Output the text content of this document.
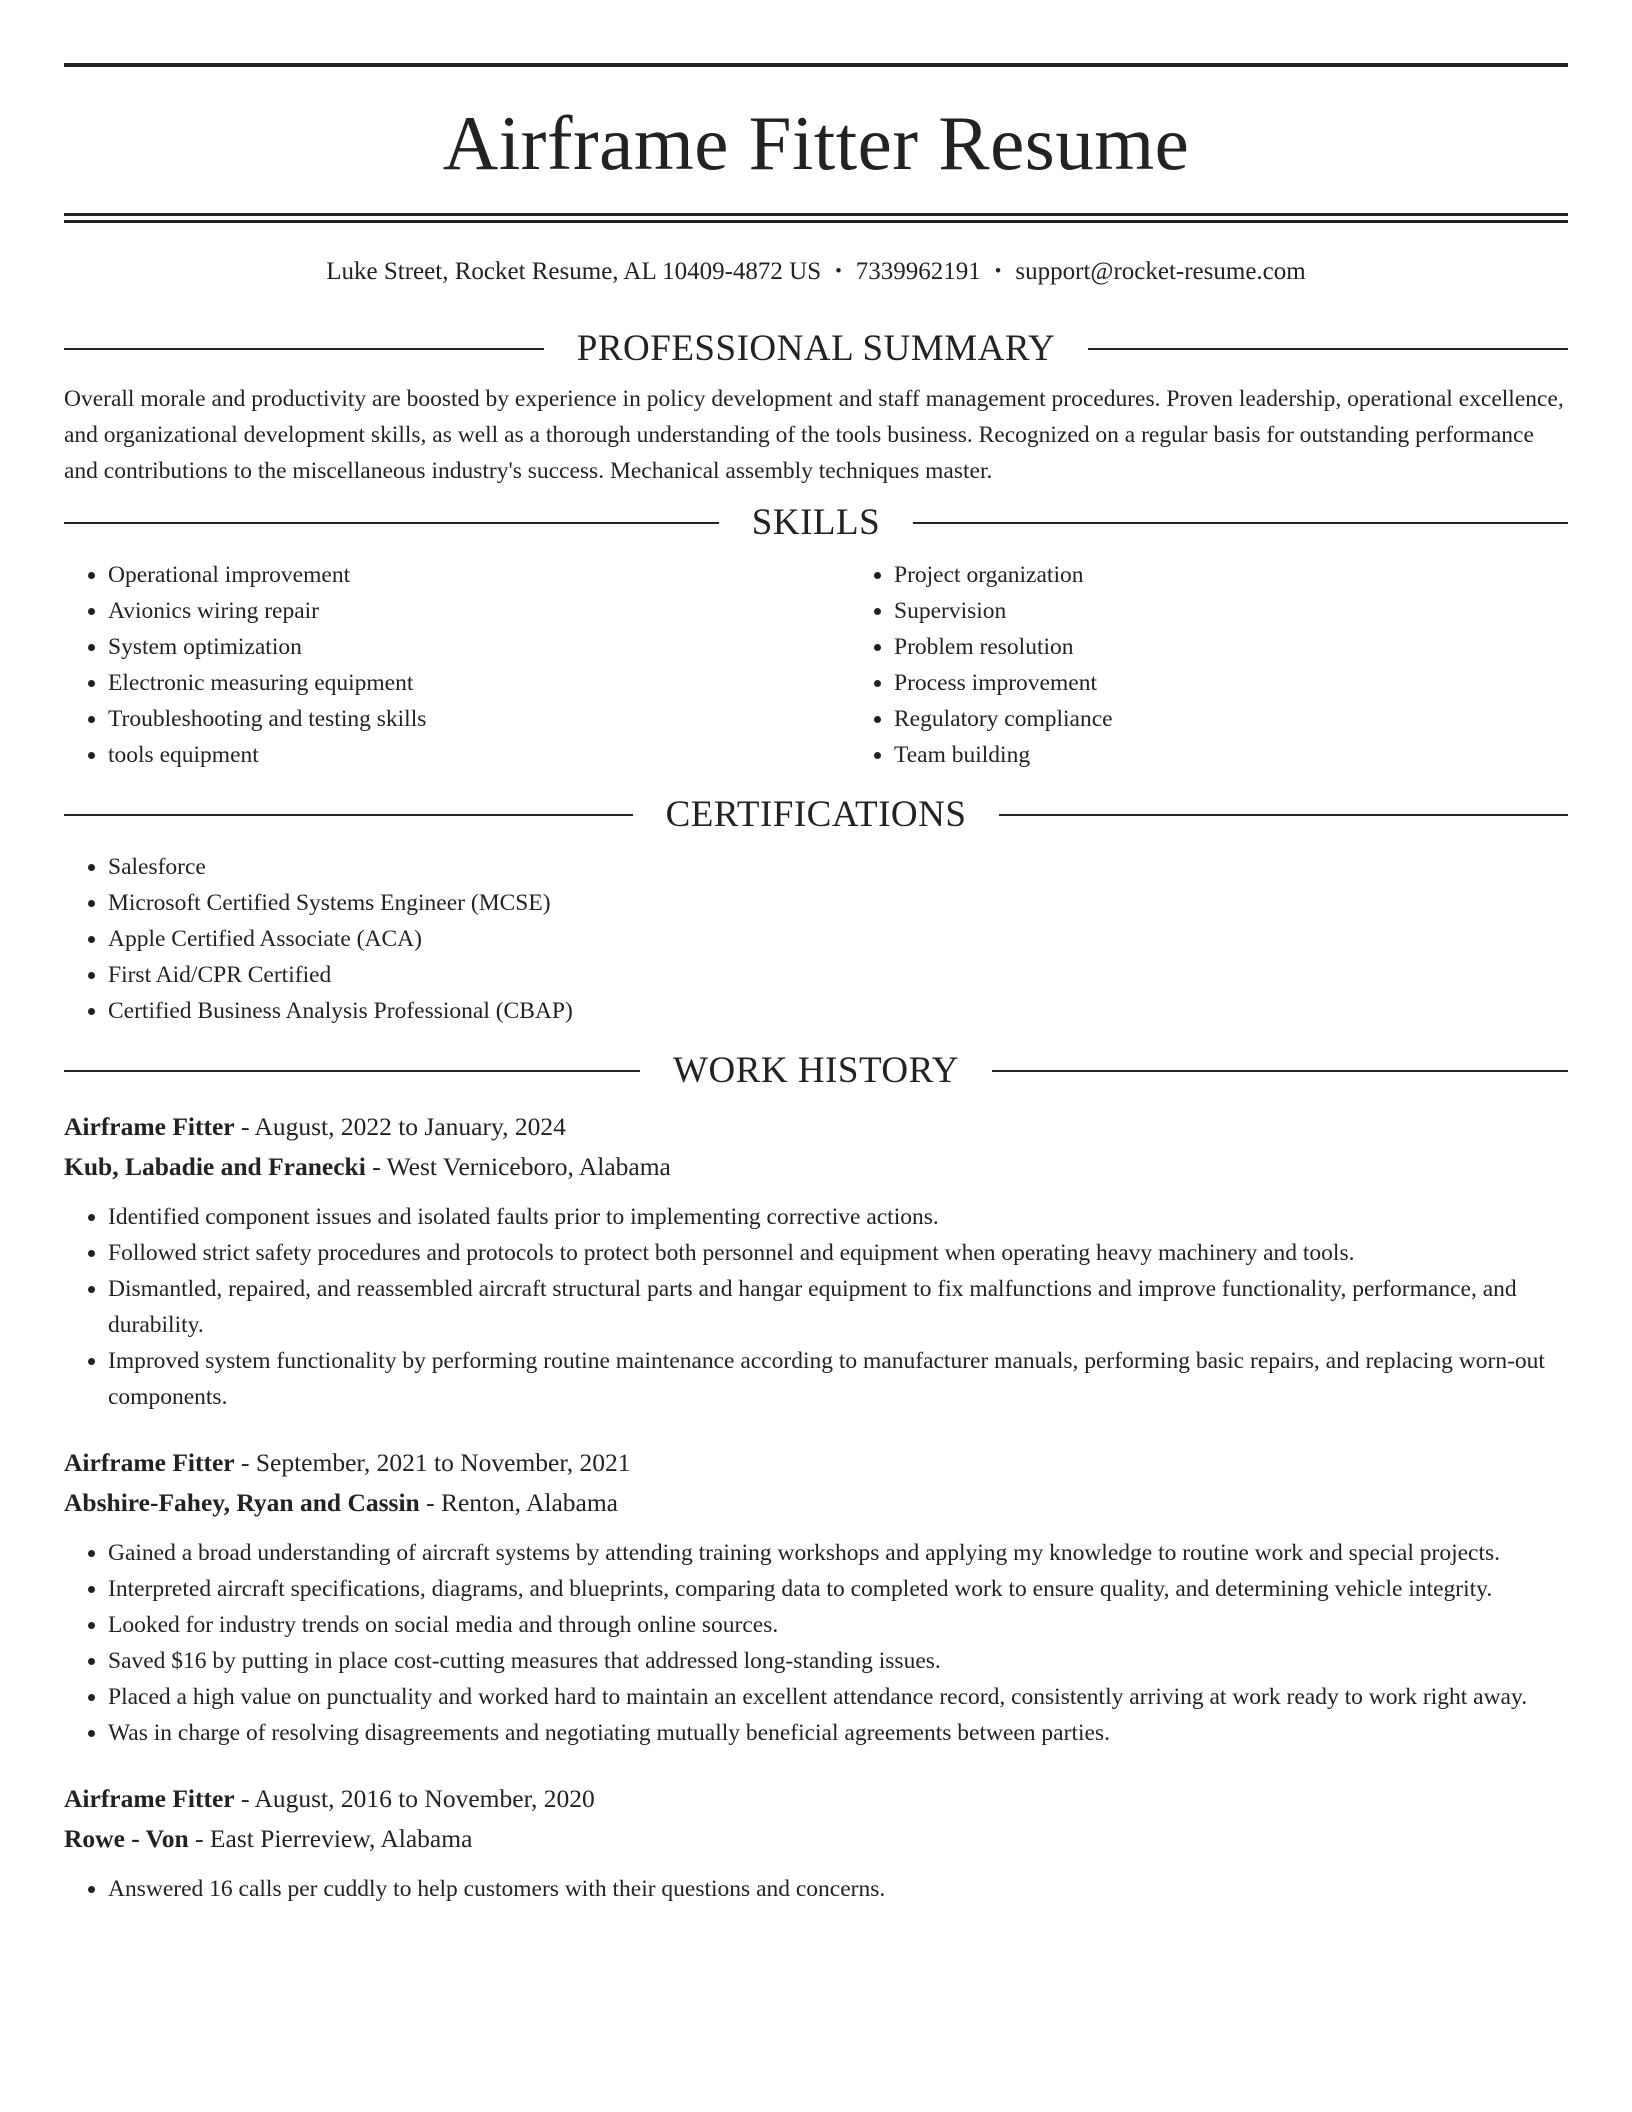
Airframe Fitter Resume
Luke Street, Rocket Resume, AL 10409-4872 US • 7339962191 • support@rocket-resume.com
PROFESSIONAL SUMMARY
Overall morale and productivity are boosted by experience in policy development and staff management procedures. Proven leadership, operational excellence, and organizational development skills, as well as a thorough understanding of the tools business. Recognized on a regular basis for outstanding performance and contributions to the miscellaneous industry's success. Mechanical assembly techniques master.
SKILLS
• Operational improvement
• Avionics wiring repair
• System optimization
• Electronic measuring equipment
• Troubleshooting and testing skills
• tools equipment
• Project organization
• Supervision
• Problem resolution
• Process improvement
• Regulatory compliance
• Team building
CERTIFICATIONS
• Salesforce
• Microsoft Certified Systems Engineer (MCSE)
• Apple Certified Associate (ACA)
• First Aid/CPR Certified
• Certified Business Analysis Professional (CBAP)
WORK HISTORY
Airframe Fitter - August, 2022 to January, 2024
Kub, Labadie and Franecki - West Verniceboro, Alabama
• Identified component issues and isolated faults prior to implementing corrective actions.
• Followed strict safety procedures and protocols to protect both personnel and equipment when operating heavy machinery and tools.
• Dismantled, repaired, and reassembled aircraft structural parts and hangar equipment to fix malfunctions and improve functionality, performance, and durability.
• Improved system functionality by performing routine maintenance according to manufacturer manuals, performing basic repairs, and replacing worn-out components.
Airframe Fitter - September, 2021 to November, 2021
Abshire-Fahey, Ryan and Cassin - Renton, Alabama
• Gained a broad understanding of aircraft systems by attending training workshops and applying my knowledge to routine work and special projects.
• Interpreted aircraft specifications, diagrams, and blueprints, comparing data to completed work to ensure quality, and determining vehicle integrity.
• Looked for industry trends on social media and through online sources.
• Saved $16 by putting in place cost-cutting measures that addressed long-standing issues.
• Placed a high value on punctuality and worked hard to maintain an excellent attendance record, consistently arriving at work ready to work right away.
• Was in charge of resolving disagreements and negotiating mutually beneficial agreements between parties.
Airframe Fitter - August, 2016 to November, 2020
Rowe - Von - East Pierreview, Alabama
• Answered 16 calls per cuddly to help customers with their questions and concerns.
